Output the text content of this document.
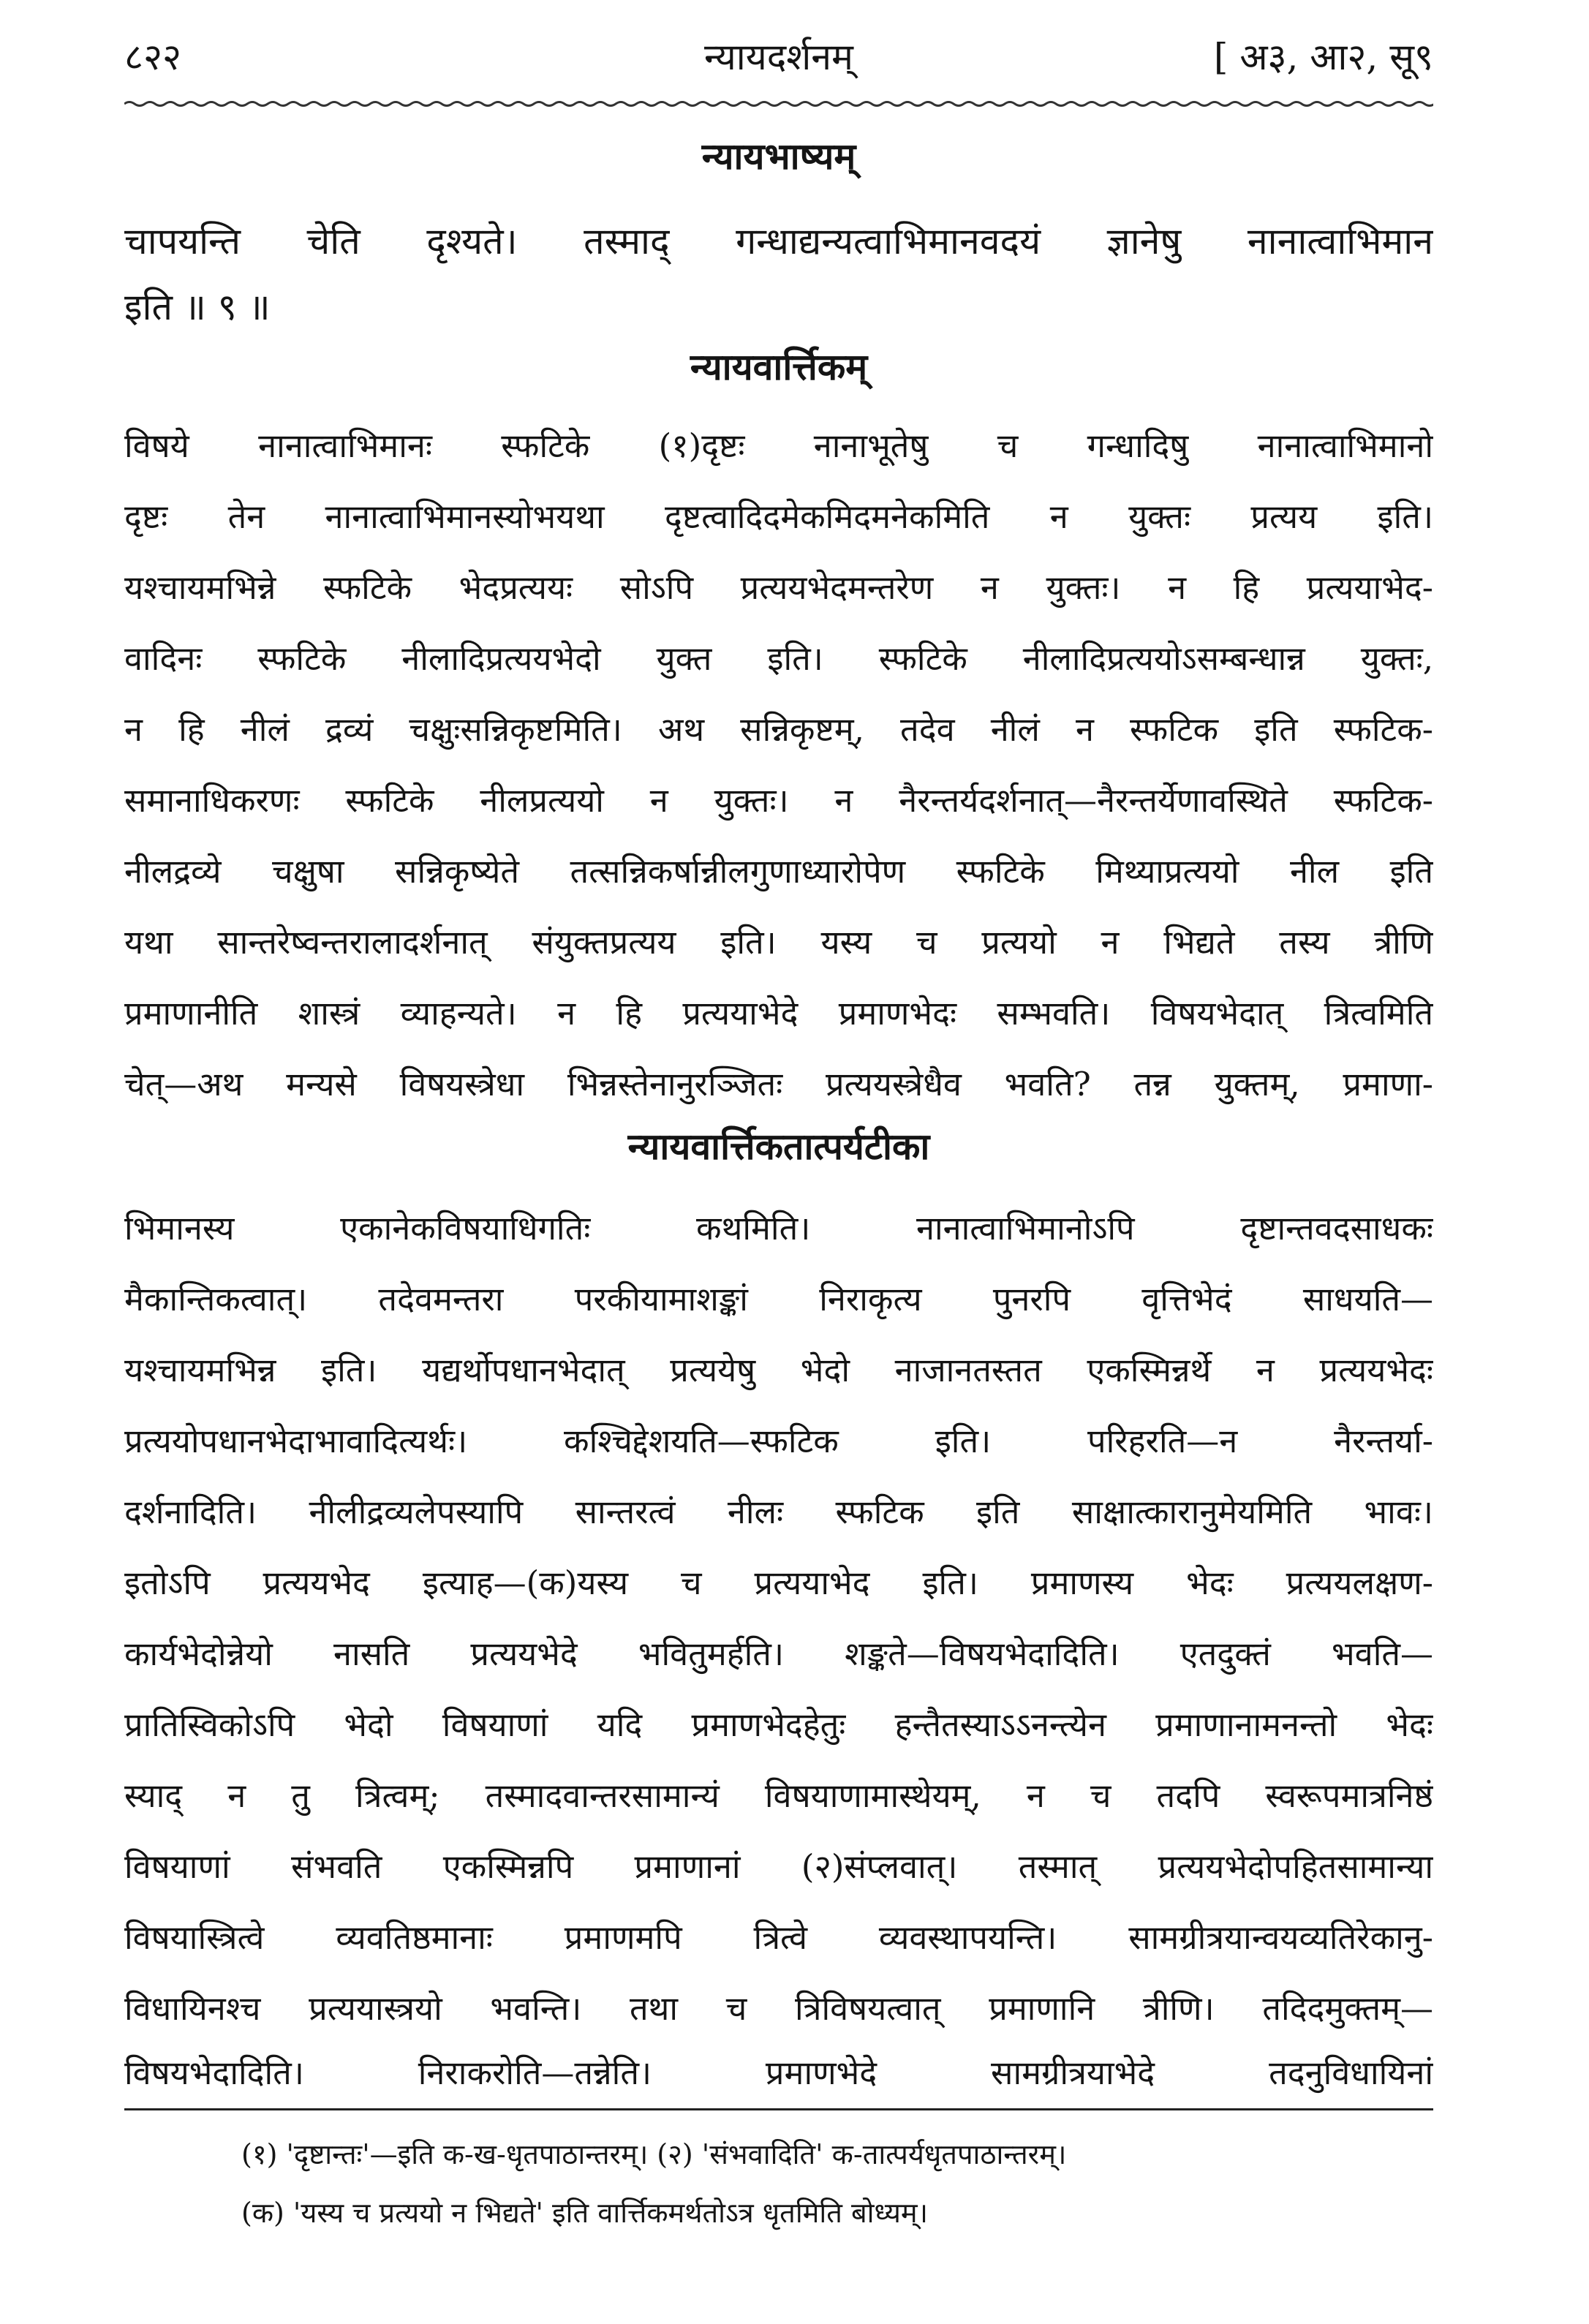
८२२	न्यायदर्शनम्	[ अ३, आ२, सू९
न्यायभाष्यम्
चापयन्ति चेति दृश्यते। तस्माद् गन्धाद्यन्यत्वाभिमानवदयं ज्ञानेषु नानात्वाभिमान
इति ॥ ९ ॥
न्यायवार्त्तिकम्
विषये नानात्वाभिमानः स्फटिके (१)दृष्टः नानाभूतेषु च गन्धादिषु नानात्वाभिमानो
दृष्टः तेन नानात्वाभिमानस्योभयथा दृष्टत्वादिदमेकमिदमनेकमिति न युक्तः प्रत्यय इति।
यश्चायमभिन्ने स्फटिके भेदप्रत्ययः सोऽपि प्रत्ययभेदमन्तरेण न युक्तः। न हि प्रत्ययाभेद-
वादिनः स्फटिके नीलादिप्रत्ययभेदो युक्त इति। स्फटिके नीलादिप्रत्ययोऽसम्बन्धान्न युक्तः,
न हि नीलं द्रव्यं चक्षुःसन्निकृष्टमिति। अथ सन्निकृष्टम्, तदेव नीलं न स्फटिक इति स्फटिक-
समानाधिकरणः स्फटिके नीलप्रत्ययो न युक्तः। न नैरन्तर्यदर्शनात्—नैरन्तर्येणावस्थिते स्फटिक-
नीलद्रव्ये चक्षुषा सन्निकृष्येते तत्सन्निकर्षान्नीलगुणाध्यारोपेण स्फटिके मिथ्याप्रत्ययो नील इति
यथा सान्तरेष्वन्तरालादर्शनात् संयुक्तप्रत्यय इति। यस्य च प्रत्ययो न भिद्यते तस्य त्रीणि
प्रमाणानीति शास्त्रं व्याहन्यते। न हि प्रत्ययाभेदे प्रमाणभेदः सम्भवति। विषयभेदात् त्रित्वमिति
चेत्—अथ मन्यसे विषयस्त्रेधा भिन्नस्तेनानुरञ्जितः प्रत्ययस्त्रेधैव भवति? तन्न युक्तम्, प्रमाणा-
न्यायवार्त्तिकतात्पर्यटीका
भिमानस्य एकानेकविषयाधिगतिः कथमिति। नानात्वाभिमानोऽपि दृष्टान्तवदसाधकः
मैकान्तिकत्वात्। तदेवमन्तरा परकीयामाशङ्कां निराकृत्य पुनरपि वृत्तिभेदं साधयति—
यश्चायमभिन्न इति। यद्यर्थोपधानभेदात् प्रत्ययेषु भेदो नाजानतस्तत एकस्मिन्नर्थे न प्रत्ययभेदः
प्रत्ययोपधानभेदाभावादित्यर्थः। कश्चिद्देशयति—स्फटिक इति। परिहरति—न नैरन्तर्या-
दर्शनादिति। नीलीद्रव्यलेपस्यापि सान्तरत्वं नीलः स्फटिक इति साक्षात्कारानुमेयमिति भावः।
इतोऽपि प्रत्ययभेद इत्याह—(क)यस्य च प्रत्ययाभेद इति। प्रमाणस्य भेदः प्रत्ययलक्षण-
कार्यभेदोन्नेयो नासति प्रत्ययभेदे भवितुमर्हति। शङ्कते—विषयभेदादिति। एतदुक्तं भवति—
प्रातिस्विकोऽपि भेदो विषयाणां यदि प्रमाणभेदहेतुः हन्तैतस्याऽऽनन्त्येन प्रमाणानामनन्तो भेदः
स्याद् न तु त्रित्वम्; तस्मादवान्तरसामान्यं विषयाणामास्थेयम्, न च तदपि स्वरूपमात्रनिष्ठं
विषयाणां संभवति एकस्मिन्नपि प्रमाणानां (२)संप्लवात्। तस्मात् प्रत्ययभेदोपहितसामान्या
विषयास्त्रित्वे व्यवतिष्ठमानाः प्रमाणमपि त्रित्वे व्यवस्थापयन्ति। सामग्रीत्रयान्वयव्यतिरेकानु-
विधायिनश्च प्रत्ययास्त्रयो भवन्ति। तथा च त्रिविषयत्वात् प्रमाणानि त्रीणि। तदिदमुक्तम्—
विषयभेदादिति। निराकरोति—तन्नेति। प्रमाणभेदे सामग्रीत्रयाभेदे तदनुविधायिनां
(१) 'दृष्टान्तः'—इति क-ख-धृतपाठान्तरम्। (२) 'संभवादिति' क-तात्पर्यधृतपाठान्तरम्।
(क) 'यस्य च प्रत्ययो न भिद्यते' इति वार्त्तिकमर्थतोऽत्र धृतमिति बोध्यम्।
